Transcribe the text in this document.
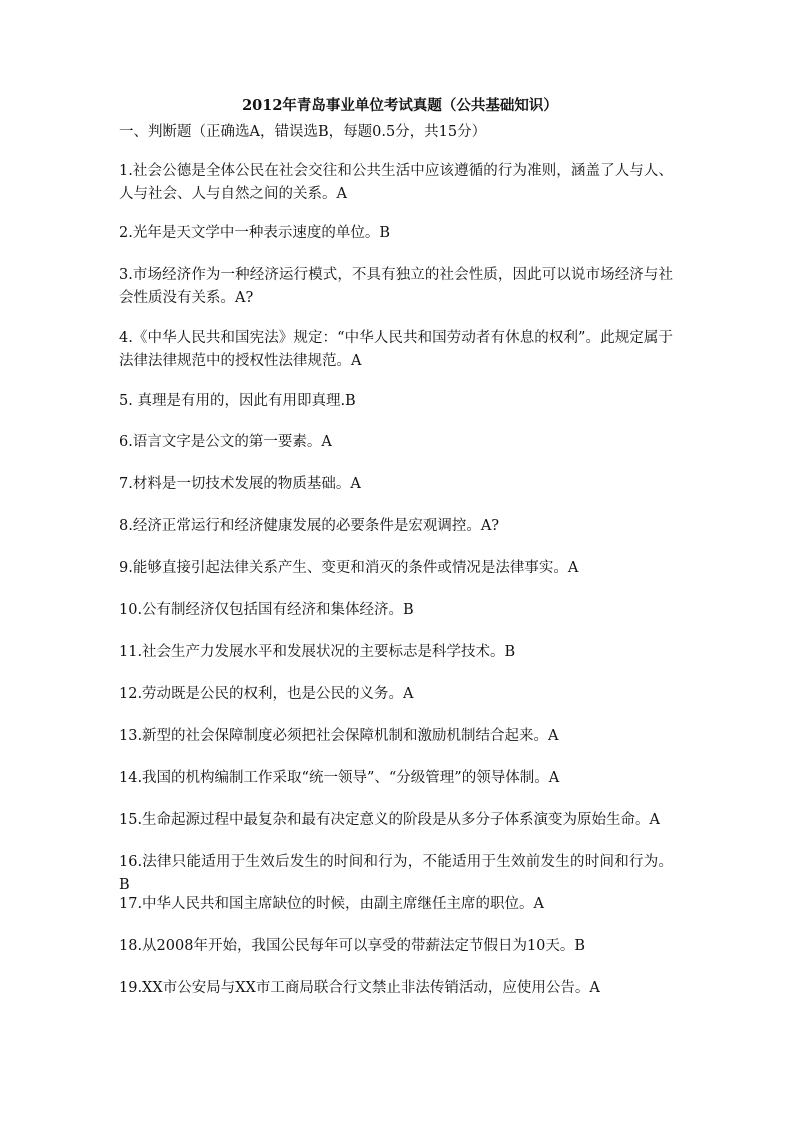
2012年青岛事业单位考试真题（公共基础知识）
一、判断题（正确选A，错误选B，每题0.5分，共15分）
1.社会公德是全体公民在社会交往和公共生活中应该遵循的行为准则，涵盖了人与人、人与社会、人与自然之间的关系。A
2.光年是天文学中一种表示速度的单位。B
3.市场经济作为一种经济运行模式，不具有独立的社会性质，因此可以说市场经济与社会性质没有关系。A?
4.《中华人民共和国宪法》规定：“中华人民共和国劳动者有休息的权利”。此规定属于法律法律规范中的授权性法律规范。A
5. 真理是有用的，因此有用即真理.B
6.语言文字是公文的第一要素。A
7.材料是一切技术发展的物质基础。A
8.经济正常运行和经济健康发展的必要条件是宏观调控。A?
9.能够直接引起法律关系产生、变更和消灭的条件或情况是法律事实。A
10.公有制经济仅包括国有经济和集体经济。B
11.社会生产力发展水平和发展状况的主要标志是科学技术。B
12.劳动既是公民的权利，也是公民的义务。A
13.新型的社会保障制度必须把社会保障机制和激励机制结合起来。A
14.我国的机构编制工作采取“统一领导”、“分级管理”的领导体制。A
15.生命起源过程中最复杂和最有决定意义的阶段是从多分子体系演变为原始生命。A
16.法律只能适用于生效后发生的时间和行为，不能适用于生效前发生的时间和行为。B
17.中华人民共和国主席缺位的时候，由副主席继任主席的职位。A
18.从2008年开始，我国公民每年可以享受的带薪法定节假日为10天。B
19.XX市公安局与XX市工商局联合行文禁止非法传销活动，应使用公告。A
